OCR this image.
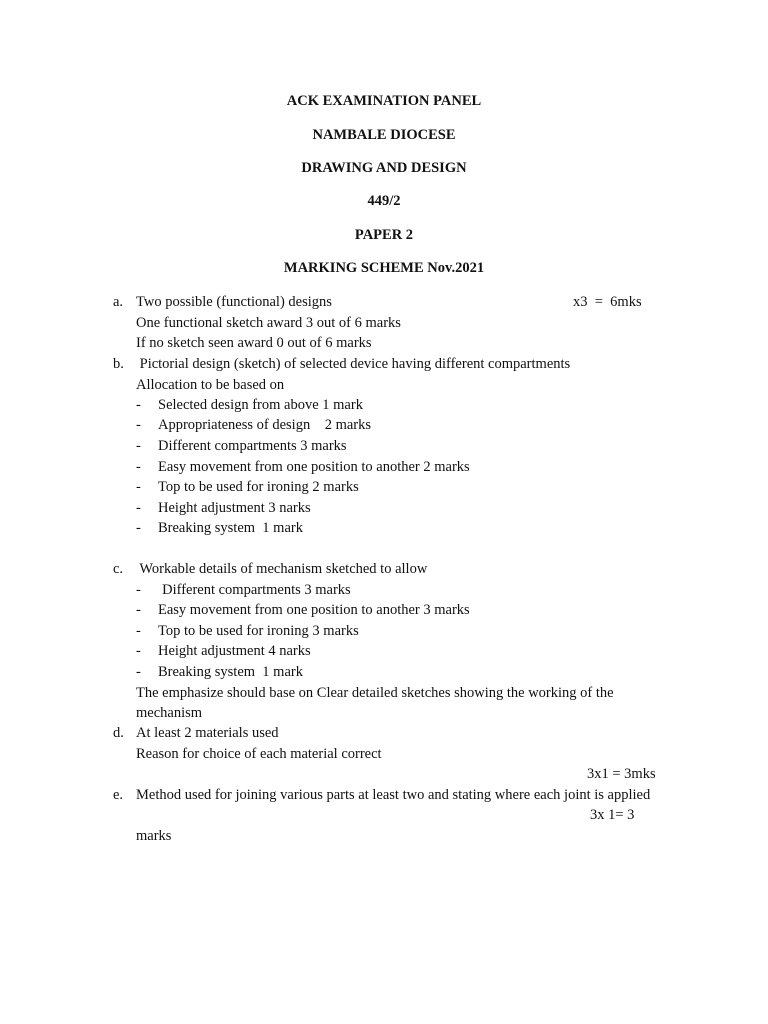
ACK EXAMINATION PANEL
NAMBALE DIOCESE
DRAWING AND DESIGN
449/2
PAPER 2
MARKING SCHEME Nov.2021
a. Two possible (functional) designs	x3  =  6mks
One functional sketch award 3 out of 6 marks
If no sketch seen award 0 out of 6 marks
b. Pictorial design (sketch) of selected device having different compartments
Allocation to be based on
- Selected design from above 1 mark
- Appropriateness of design    2 marks
- Different compartments 3 marks
- Easy movement from one position to another 2 marks
- Top to be used for ironing 2 marks
- Height adjustment 3 narks
- Breaking system  1 mark
c. Workable details of mechanism sketched to allow
- Different compartments 3 marks
- Easy movement from one position to another 3 marks
- Top to be used for ironing 3 marks
- Height adjustment 4 narks
- Breaking system  1 mark
The emphasize should base on Clear detailed sketches showing the working of the
mechanism
d. At least 2 materials used
Reason for choice of each material correct
3x1 = 3mks
e. Method used for joining various parts at least two and stating where each joint is applied
3x 1= 3
marks
